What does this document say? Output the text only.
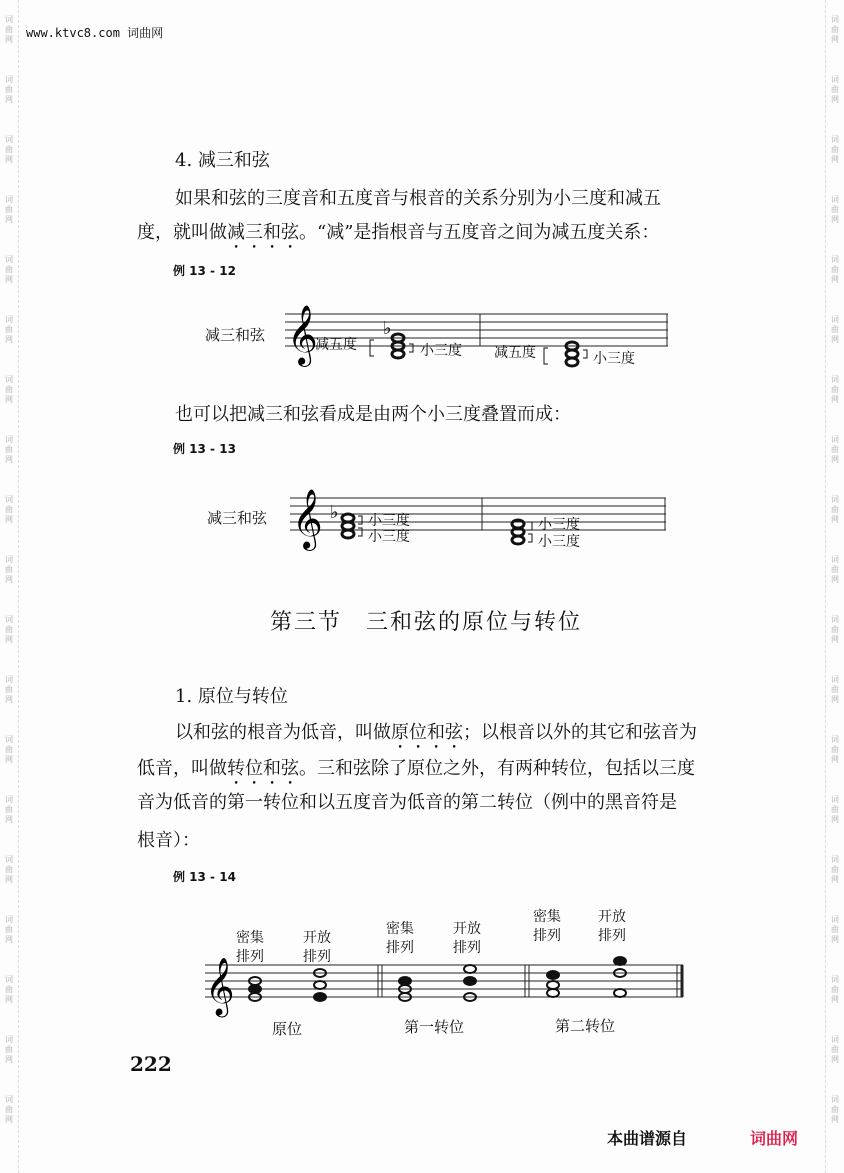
词
曲
网
词
曲
网
词
曲
网
词
曲
网
词
曲
网
词
曲
网
词
曲
网
词
曲
网
词
曲
网
词
曲
网
词
曲
网
词
曲
网
词
曲
网
词
曲
网
词
曲
网
词
曲
网
词
曲
网
词
曲
网
词
曲
网
词
曲
网
词
曲
网
词
曲
网
词
曲
网
词
曲
网
词
曲
网
词
曲
网
词
曲
网
词
曲
网
词
曲
网
词
曲
网
词
曲
网
词
曲
网
词
曲
网
词
曲
网
词
曲
网
词
曲
网
词
曲
网
词
曲
网
www.ktvc8.com 词曲网
4. 减三和弦
如果和弦的三度音和五度音与根音的关系分别为小三度和减五
度，就叫做减三和弦。“减”是指根音与五度音之间为减五度关系：
例 13 - 12
减三和弦 𝄞	♭
减五度	小三度 减五度	小三度
也可以把减三和弦看成是由两个小三度叠置而成：
例 13 - 13
减三和弦 𝄞 ♭ 小三度
小三度
小三度
小三度
第三节　三和弦的原位与转位
1. 原位与转位
以和弦的根音为低音，叫做原位和弦；以根音以外的其它和弦音为
低音，叫做转位和弦。三和弦除了原位之外，有两种转位，包括以三度
音为低音的第一转位和以五度音为低音的第二转位（例中的黑音符是
根音）：
例 13 - 14
密集
排列
开放
排列
密集
排列
开放
排列
密集
排列
开放
排列
𝄞
原位	第一转位	第二转位
222
本曲谱源自	词曲网
